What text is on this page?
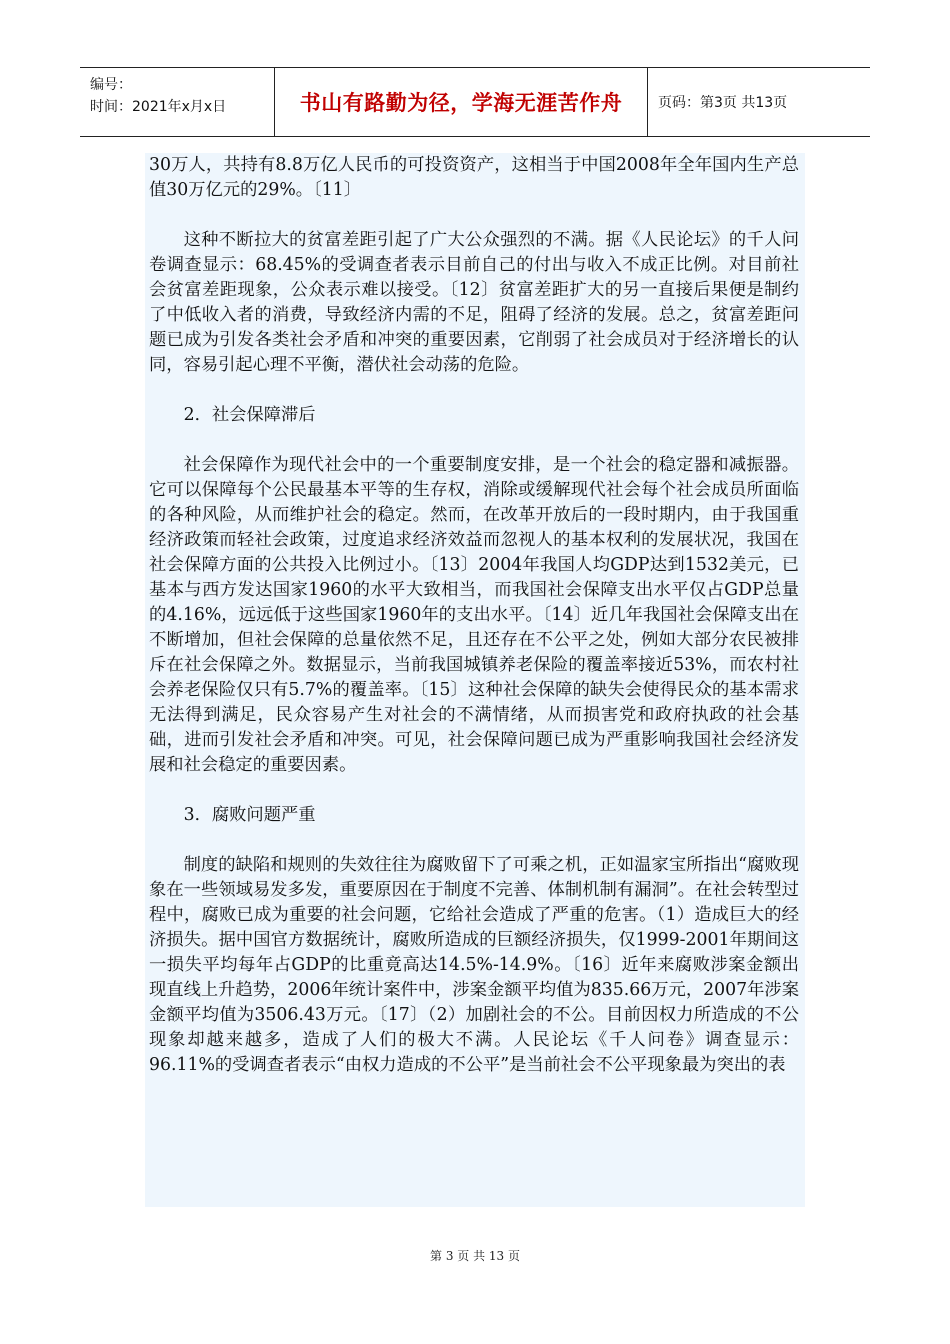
编号：
时间：2021年x月x日	书山有路勤为径，学海无涯苦作舟	页码：第3页 共13页

30万人，共持有8.8万亿人民币的可投资资产，这相当于中国2008年全年国内生产总值30万亿元的29%。〔11〕

这种不断拉大的贫富差距引起了广大公众强烈的不满。据《人民论坛》的千人问卷调查显示：68.45%的受调查者表示目前自己的付出与收入不成正比例。对目前社会贫富差距现象，公众表示难以接受。〔12〕贫富差距扩大的另一直接后果便是制约了中低收入者的消费，导致经济内需的不足，阻碍了经济的发展。总之，贫富差距问题已成为引发各类社会矛盾和冲突的重要因素，它削弱了社会成员对于经济增长的认同，容易引起心理不平衡，潜伏社会动荡的危险。

2．社会保障滞后

社会保障作为现代社会中的一个重要制度安排，是一个社会的稳定器和减振器。它可以保障每个公民最基本平等的生存权，消除或缓解现代社会每个社会成员所面临的各种风险，从而维护社会的稳定。然而，在改革开放后的一段时期内，由于我国重经济政策而轻社会政策，过度追求经济效益而忽视人的基本权利的发展状况，我国在社会保障方面的公共投入比例过小。〔13〕2004年我国人均GDP达到1532美元，已基本与西方发达国家1960的水平大致相当，而我国社会保障支出水平仅占GDP总量的4.16%，远远低于这些国家1960年的支出水平。〔14〕近几年我国社会保障支出在不断增加，但社会保障的总量依然不足，且还存在不公平之处，例如大部分农民被排斥在社会保障之外。数据显示，当前我国城镇养老保险的覆盖率接近53%，而农村社会养老保险仅只有5.7%的覆盖率。〔15〕这种社会保障的缺失会使得民众的基本需求无法得到满足，民众容易产生对社会的不满情绪，从而损害党和政府执政的社会基础，进而引发社会矛盾和冲突。可见，社会保障问题已成为严重影响我国社会经济发展和社会稳定的重要因素。

3．腐败问题严重

制度的缺陷和规则的失效往往为腐败留下了可乘之机，正如温家宝所指出“腐败现象在一些领域易发多发，重要原因在于制度不完善、体制机制有漏洞”。在社会转型过程中，腐败已成为重要的社会问题，它给社会造成了严重的危害。（1）造成巨大的经济损失。据中国官方数据统计，腐败所造成的巨额经济损失，仅1999-2001年期间这一损失平均每年占GDP的比重竟高达14.5%-14.9%。〔16〕近年来腐败涉案金额出现直线上升趋势，2006年统计案件中，涉案金额平均值为835.66万元，2007年涉案金额平均值为3506.43万元。〔17〕（2）加剧社会的不公。目前因权力所造成的不公现象却越来越多，造成了人们的极大不满。人民论坛《千人问卷》调查显示：96.11%的受调查者表示“由权力造成的不公平”是当前社会不公平现象最为突出的表

第 3 页 共 13 页
